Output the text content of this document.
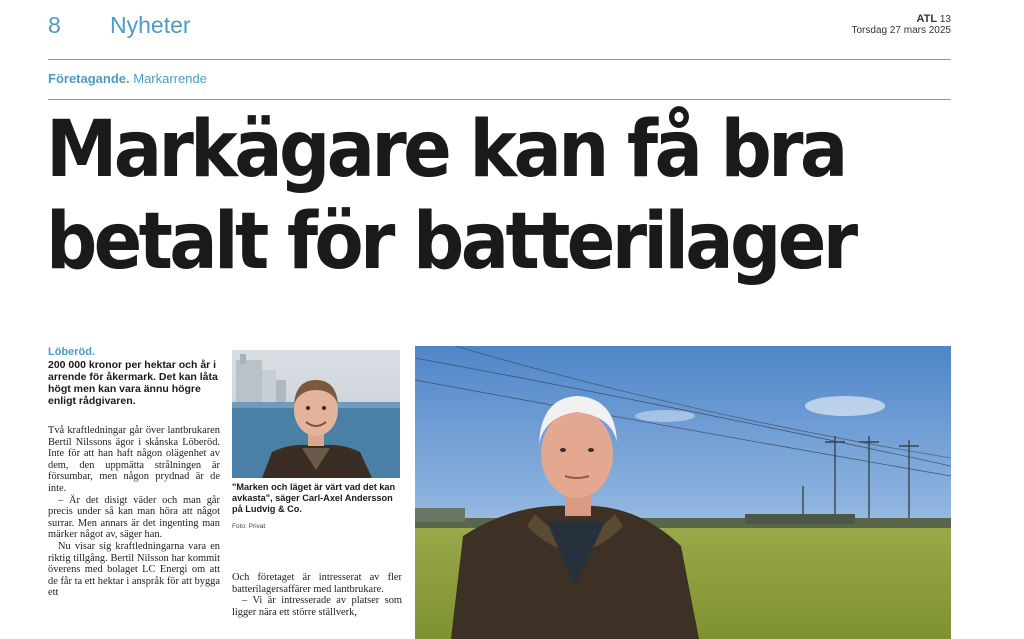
8 Nyheter	ATL 13
Torsdag 27 mars 2025
Företagande. Markarrende
Markägare kan få bra
betalt för batterilager
Löberöd.
200 000 kronor per hektar och år i arrende för åkermark. Det kan låta högt men kan vara ännu högre enligt rådgivaren.

Två kraftledningar går över lantbrukaren Bertil Nilssons ägor i skånska Löberöd. Inte för att han haft någon olägenhet av dem, den uppmätta strålningen är försumbar, men någon prydnad är de inte.

– Är det disigt väder och man går precis under så kan man höra att något surrar. Men annars är det ingenting man märker något av, säger han.

Nu visar sig kraftledningarna vara en riktig tillgång. Bertil Nilsson har kommit överens med bolaget LC Energi om att de får ta ett hektar i anspråk för att bygga ett

"Marken och läget är värt vad det kan avkasta", säger Carl-Axel Andersson på Ludvig & Co.
Foto: Privat

Och företaget är intresserat av fler batterilagersaffärer med lantbrukare.

– Vi är intresserade av platser som ligger nära ett större ställverk,
